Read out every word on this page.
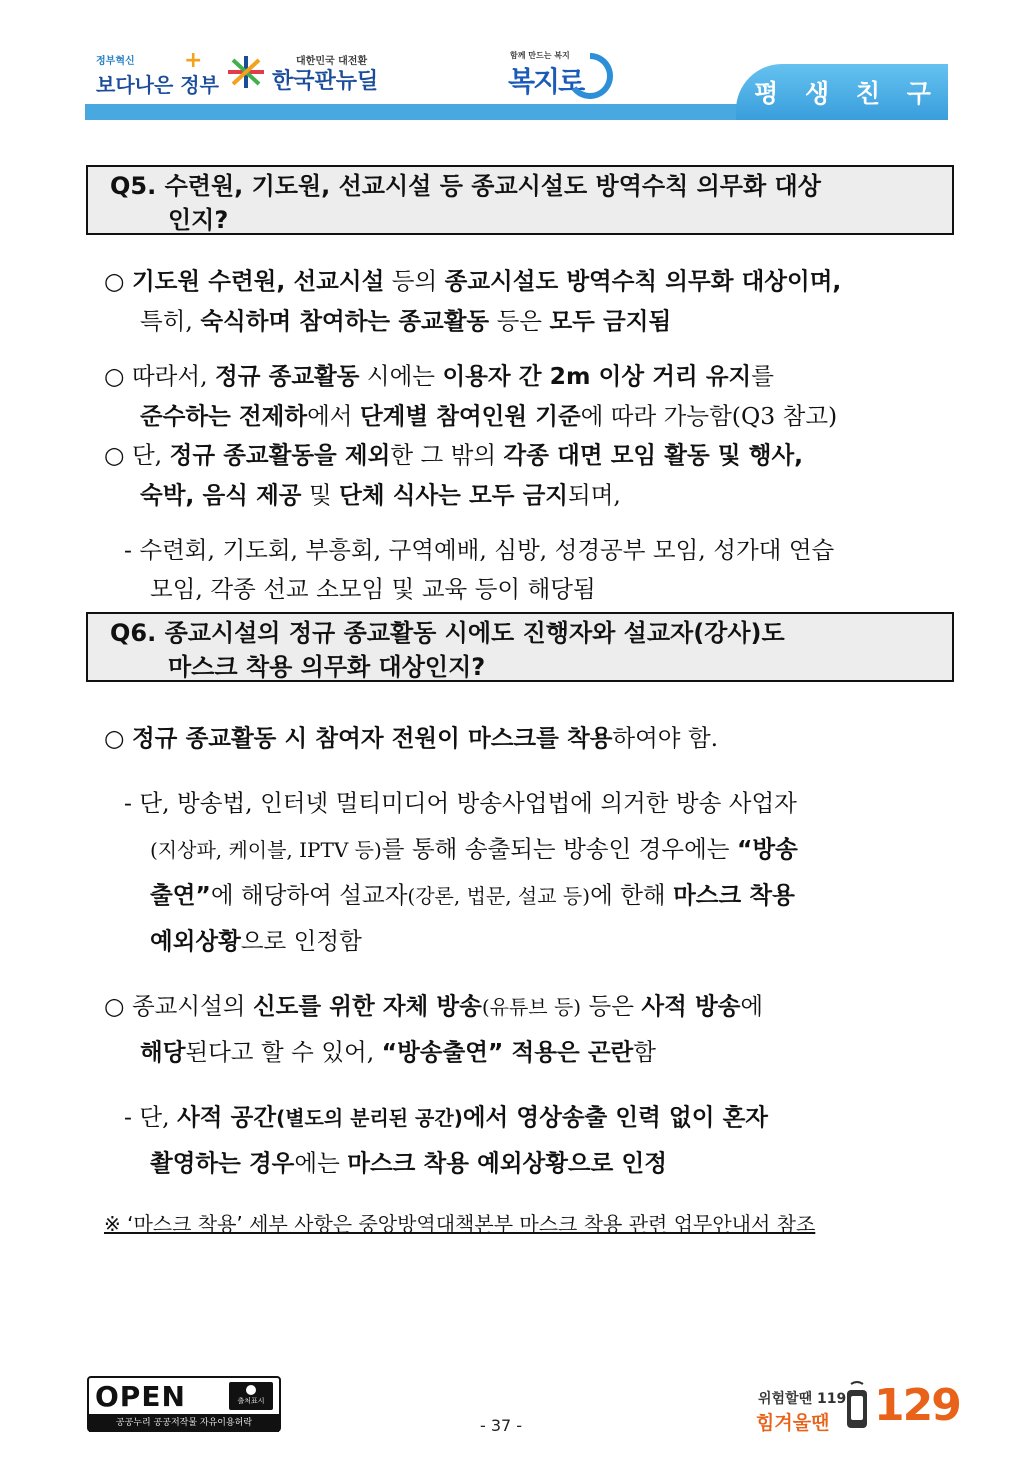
정부혁신
보다나은 정부
+	대한민국 대전환
한국판뉴딜
함께 만드는 복지
복지로	평 생 친 구
Q5. 수련원, 기도원, 선교시설 등 종교시설도 방역수칙 의무화 대상
인지?
○ 기도원 수련원, 선교시설 등의 종교시설도 방역수칙 의무화 대상이며,
특히, 숙식하며 참여하는 종교활동 등은 모두 금지됨
○ 따라서, 정규 종교활동 시에는 이용자 간 2m 이상 거리 유지를
준수하는 전제하에서 단계별 참여인원 기준에 따라 가능함(Q3 참고)
○ 단, 정규 종교활동을 제외한 그 밖의 각종 대면 모임 활동 및 행사,
숙박, 음식 제공 및 단체 식사는 모두 금지되며,
- 수련회, 기도회, 부흥회, 구역예배, 심방, 성경공부 모임, 성가대 연습
모임, 각종 선교 소모임 및 교육 등이 해당됨
Q6. 종교시설의 정규 종교활동 시에도 진행자와 설교자(강사)도
마스크 착용 의무화 대상인지?
○ 정규 종교활동 시 참여자 전원이 마스크를 착용하여야 함.
- 단, 방송법, 인터넷 멀티미디어 방송사업법에 의거한 방송 사업자
(지상파, 케이블, IPTV 등)를 통해 송출되는 방송인 경우에는 “방송
출연”에 해당하여 설교자(강론, 법문, 설교 등)에 한해 마스크 착용
예외상황으로 인정함
○ 종교시설의 신도를 위한 자체 방송(유튜브 등) 등은 사적 방송에
해당된다고 할 수 있어, “방송출연” 적용은 곤란함
- 단, 사적 공간(별도의 분리된 공간)에서 영상송출 인력 없이 혼자
촬영하는 경우에는 마스크 착용 예외상황으로 인정
※ ‘마스크 착용’ 세부 사항은 중앙방역대책본부 마스크 착용 관련 업무안내서 참조
OPEN	출처표시
공공누리 공공저작물 자유이용허락	- 37 -
위험할땐 119
힘겨울땐 129
